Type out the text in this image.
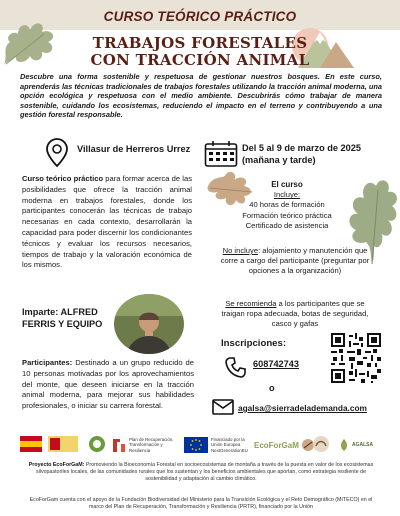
CURSO TEÓRICO PRÁCTICO
TRABAJOS FORESTALES
CON TRACCIÓN ANIMAL
Descubre una forma sostenible y respetuosa de gestionar nuestros bosques. En este curso, aprenderás las técnicas tradicionales de trabajos forestales utilizando la tracción animal moderna, una opción ecológica y respetuosa con el medio ambiente. Descubrirás cómo trabajar de manera sostenible, cuidando los ecosistemas, reduciendo el impacto en el terreno y contribuyendo a una gestión forestal responsable.
Villasur de Herreros Urrez	Del 5 al 9 de marzo de 2025 (mañana y tarde)
Curso teórico práctico para formar acerca de las posibilidades que ofrece la tracción animal moderna en trabajos forestales, donde los participantes conocerán las técnicas de trabajo necesarias en cada contexto, desarrollarán la capacidad para poder discernir los condicionantes técnicos y evaluar los recursos necesarios, tiempos de trabajo y la valoración económica de los mismos.
El curso
Incluye:
40 horas de formación
Formación teórico práctica
Certificado de asistencia
No incluye: alojamiento y manutención que corre a cargo del participante (preguntar por opciones a la organización)
Se recomienda a los participantes que se traigan ropa adecuada, botas de seguridad, casco y gafas
Imparte: ALFRED FERRIS Y EQUIPO
Participantes: Destinado a un grupo reducido de 10 personas motivadas por los aprovechamientos del monte, que deseen iniciarse en la tracción animal moderna, para mejorar sus habilidades profesionales, o iniciar su carrera forestal.
Inscripciones:
608742743
o
agalsa@sierradelademanda.com
Plan de Recuperación, Transformación y Resiliencia
Financiado por la Unión Europea NextGenerationEU
EcoForGaM	AGALSA
Proyecto EcoForGaM: Promoviendo la Bioeconomía Forestal en socioecosistemas de montaña a través de la puesta en valor de los ecosistemas silvopastoriles locales, de las comunidades rurales que los sustentan y los beneficios ambientales que aportan, como estrategia resiliente de sostenibilidad y adaptación al cambio climático.
EcoForGam cuenta con el apoyo de la Fundación Biodiversidad del Ministerio para la Transición Ecológica y el Reto Demográfico (MITECO) en el marco del Plan de Recuperación, Transformación y Resiliencia (PRTR), financiado por la Unión
